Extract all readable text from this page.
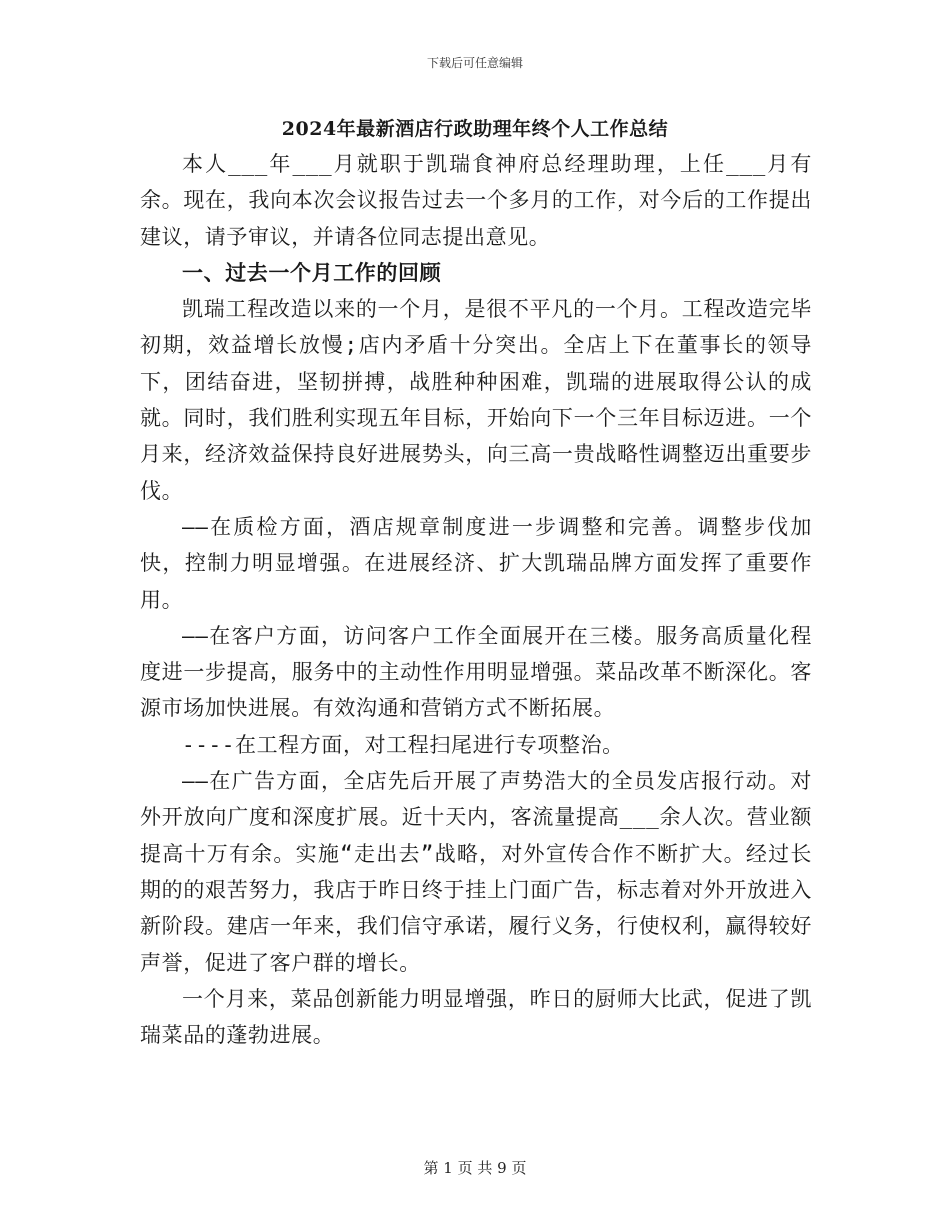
下载后可任意编辑
2024年最新酒店行政助理年终个人工作总结

本人___年___月就职于凯瑞食神府总经理助理，上任___月有余。现在，我向本次会议报告过去一个多月的工作，对今后的工作提出建议，请予审议，并请各位同志提出意见。

一、过去一个月工作的回顾

凯瑞工程改造以来的一个月，是很不平凡的一个月。工程改造完毕初期，效益增长放慢;店内矛盾十分突出。全店上下在董事长的领导下，团结奋进，坚韧拼搏，战胜种种困难，凯瑞的进展取得公认的成就。同时，我们胜利实现五年目标，开始向下一个三年目标迈进。一个月来，经济效益保持良好进展势头，向三高一贵战略性调整迈出重要步伐。

——在质检方面，酒店规章制度进一步调整和完善。调整步伐加快，控制力明显增强。在进展经济、扩大凯瑞品牌方面发挥了重要作用。

——在客户方面，访问客户工作全面展开在三楼。服务高质量化程度进一步提高，服务中的主动性作用明显增强。菜品改革不断深化。客源市场加快进展。有效沟通和营销方式不断拓展。

----在工程方面，对工程扫尾进行专项整治。

——在广告方面，全店先后开展了声势浩大的全员发店报行动。对外开放向广度和深度扩展。近十天内，客流量提高___余人次。营业额提高十万有余。实施“走出去”战略，对外宣传合作不断扩大。经过长期的的艰苦努力，我店于昨日终于挂上门面广告，标志着对外开放进入新阶段。建店一年来，我们信守承诺，履行义务，行使权利，赢得较好声誉，促进了客户群的增长。

一个月来，菜品创新能力明显增强，昨日的厨师大比武，促进了凯瑞菜品的蓬勃进展。

第 1 页 共 9 页
